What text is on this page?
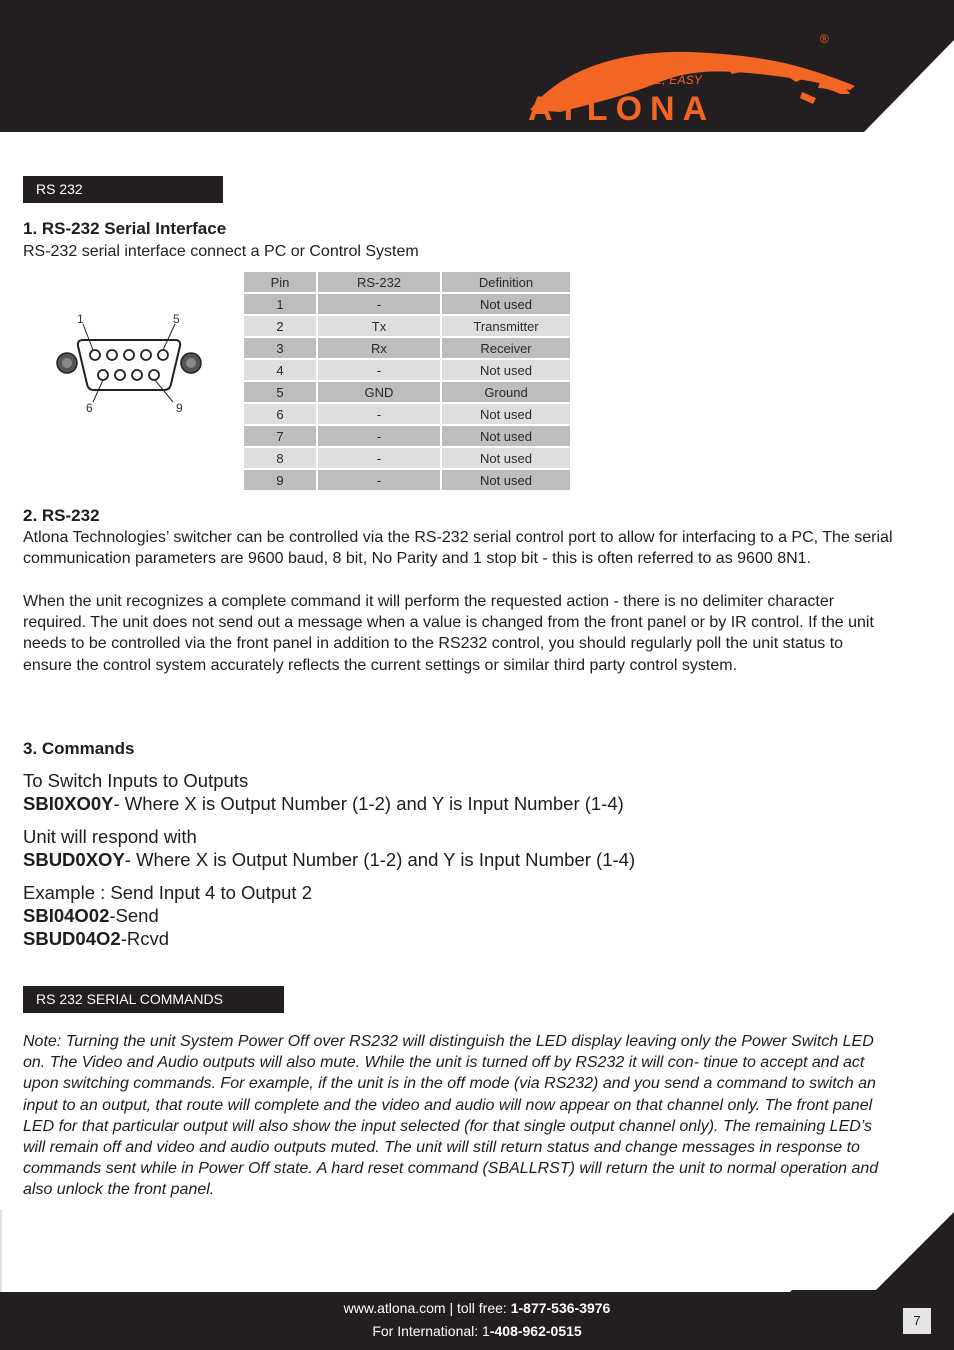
SIMPLE, EASY
®
ATLONA
RS 232
1. RS-232 Serial Interface

RS-232 serial interface connect a PC or Control System

1	5
6	9
Pin	RS-232	Definition
1	-	Not used
2	Tx	Transmitter
3	Rx	Receiver
4	-	Not used
5	GND	Ground
6	-	Not used
7	-	Not used
8	-	Not used
9	-	Not used
2. RS-232

Atlona Technologies’ switcher can be controlled via the RS-232 serial control port to allow for interfacing to a PC, The serial communication parameters are 9600 baud, 8 bit, No Parity and 1 stop bit - this is often referred to as 9600 8N1.

When the unit recognizes a complete command it will perform the requested action - there is no delimiter character required. The unit does not send out a message when a value is changed from the front panel or by IR control. If the unit needs to be controlled via the front panel in addition to the RS232 control, you should regularly poll the unit status to ensure the control system accurately reflects the current settings or similar third party control system.

3. Commands
To Switch Inputs to Outputs
SBI0XO0Y- Where X is Output Number (1-2) and Y is Input Number (1-4)
Unit will respond with
SBUD0XOY- Where X is Output Number (1-2) and Y is Input Number (1-4)
Example : Send Input 4 to Output 2
SBI04O02-Send
SBUD04O2-Rcvd
RS 232 SERIAL COMMANDS

Note: Turning the unit System Power Off over RS232 will distinguish the LED display leaving only the Power Switch LED on. The Video and Audio outputs will also mute. While the unit is turned off by RS232 it will con- tinue to accept and act upon switching commands. For example, if the unit is in the off mode (via RS232) and you send a command to switch an input to an output, that route will complete and the video and audio will now appear on that channel only. The front panel LED for that particular output will also show the input selected (for that single output channel only). The remaining LED’s will remain off and video and audio outputs muted. The unit will still return status and change messages in response to commands sent while in Power Off state. A hard reset command (SBALLRST) will return the unit to normal operation and also unlock the front panel.

www.atlona.com | toll free: 1-877-536-3976
For International: 1-408-962-0515
7
